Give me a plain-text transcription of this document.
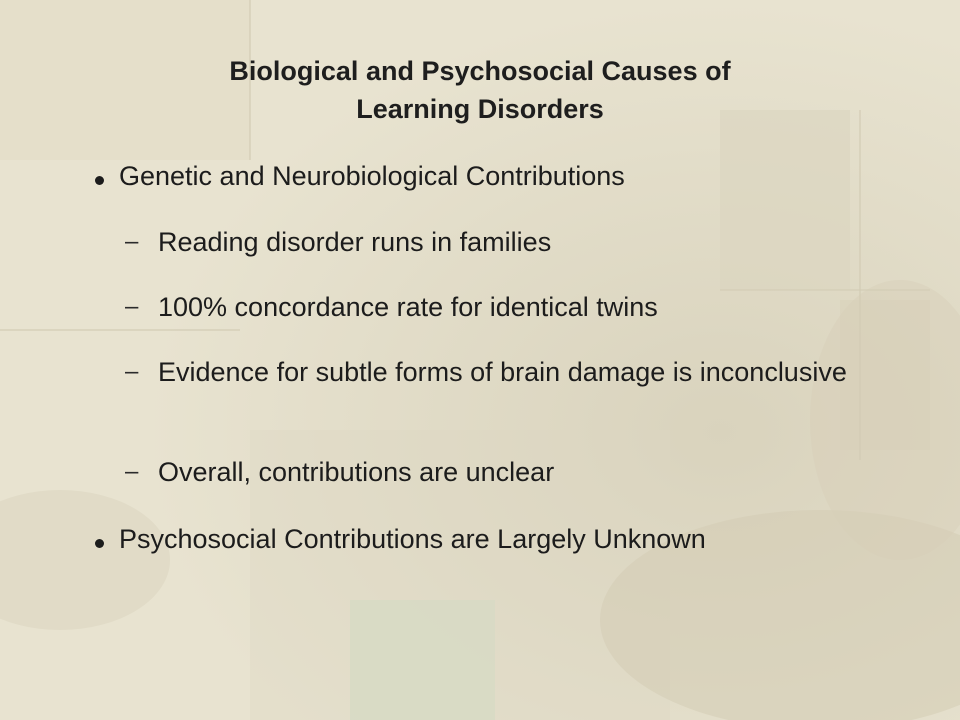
Biological and Psychosocial Causes of
Learning Disorders
Genetic and Neurobiological Contributions
– Reading disorder runs in families
– 100% concordance rate for identical twins
– Evidence for subtle forms of brain damage is inconclusive
– Overall, contributions are unclear
Psychosocial Contributions are Largely Unknown
